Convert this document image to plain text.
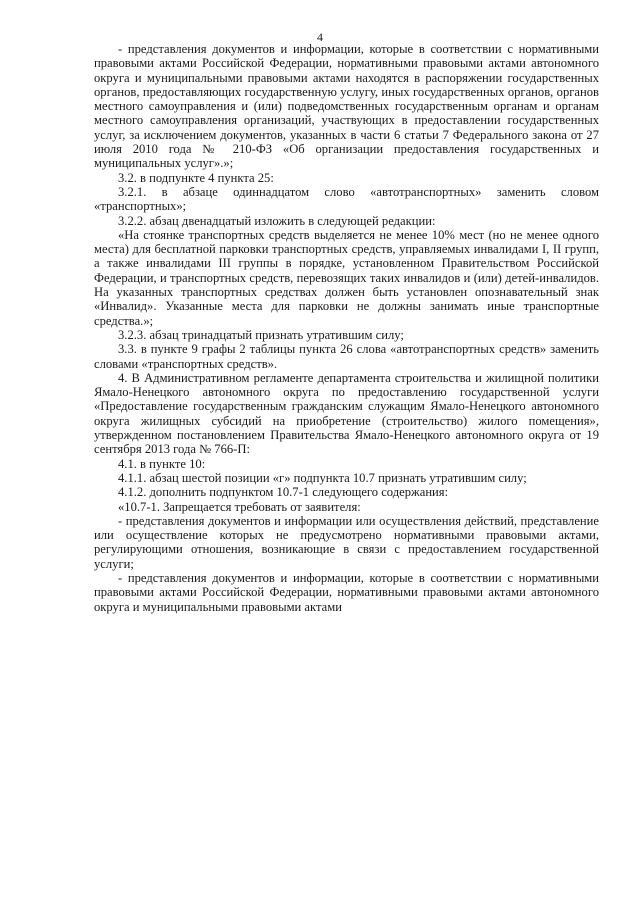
4

- представления документов и информации, которые в соответствии с нормативными правовыми актами Российской Федерации, нормативными правовыми актами автономного округа и муниципальными правовыми актами находятся в распоряжении государственных органов, предоставляющих государственную услугу, иных государственных органов, органов местного самоуправления и (или) подведомственных государственным органам и органам местного самоуправления организаций, участвующих в предоставлении государственных услуг, за исключением документов, указанных в части 6 статьи 7 Федерального закона от 27 июля 2010 года № 210-ФЗ «Об организации предоставления государственных и муниципальных услуг».»;

3.2. в подпункте 4 пункта 25:

3.2.1. в абзаце одиннадцатом слово «автотранспортных» заменить словом «транспортных»;

3.2.2. абзац двенадцатый изложить в следующей редакции:

«На стоянке транспортных средств выделяется не менее 10% мест (но не менее одного места) для бесплатной парковки транспортных средств, управляемых инвалидами I, II групп, а также инвалидами III группы в порядке, установленном Правительством Российской Федерации, и транспортных средств, перевозящих таких инвалидов и (или) детей-инвалидов. На указанных транспортных средствах должен быть установлен опознавательный знак «Инвалид». Указанные места для парковки не должны занимать иные транспортные средства.»;

3.2.3. абзац тринадцатый признать утратившим силу;

3.3. в пункте 9 графы 2 таблицы пункта 26 слова «автотранспортных средств» заменить словами «транспортных средств».

4. В Административном регламенте департамента строительства и жилищной политики Ямало-Ненецкого автономного округа по предоставлению государственной услуги «Предоставление государственным гражданским служащим Ямало-Ненецкого автономного округа жилищных субсидий на приобретение (строительство) жилого помещения», утвержденном постановлением Правительства Ямало-Ненецкого автономного округа от 19 сентября 2013 года № 766-П:

4.1. в пункте 10:

4.1.1. абзац шестой позиции «г» подпункта 10.7 признать утратившим силу;

4.1.2. дополнить подпунктом 10.7-1 следующего содержания:

«10.7-1. Запрещается требовать от заявителя:

- представления документов и информации или осуществления действий, представление или осуществление которых не предусмотрено нормативными правовыми актами, регулирующими отношения, возникающие в связи с предоставлением государственной услуги;

- представления документов и информации, которые в соответствии с нормативными правовыми актами Российской Федерации, нормативными правовыми актами автономного округа и муниципальными правовыми актами
